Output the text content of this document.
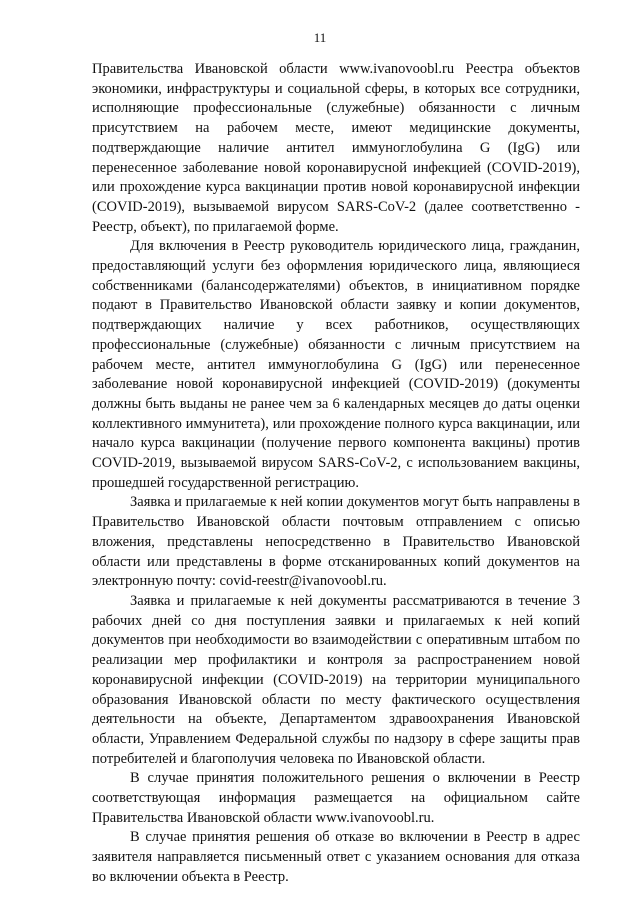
11

Правительства Ивановской области www.ivanovoobl.ru Реестра объектов экономики, инфраструктуры и социальной сферы, в которых все сотрудники, исполняющие профессиональные (служебные) обязанности с личным присутствием на рабочем месте, имеют медицинские документы, подтверждающие наличие антител иммуноглобулина G (IgG) или перенесенное заболевание новой коронавирусной инфекцией (COVID-2019), или прохождение курса вакцинации против новой коронавирусной инфекции (COVID-2019), вызываемой вирусом SARS-CoV-2 (далее соответственно - Реестр, объект), по прилагаемой форме.

Для включения в Реестр руководитель юридического лица, гражданин, предоставляющий услуги без оформления юридического лица, являющиеся собственниками (балансодержателями) объектов, в инициативном порядке подают в Правительство Ивановской области заявку и копии документов, подтверждающих наличие у всех работников, осуществляющих профессиональные (служебные) обязанности с личным присутствием на рабочем месте, антител иммуноглобулина G (IgG) или перенесенное заболевание новой коронавирусной инфекцией (COVID-2019) (документы должны быть выданы не ранее чем за 6 календарных месяцев до даты оценки коллективного иммунитета), или прохождение полного курса вакцинации, или начало курса вакцинации (получение первого компонента вакцины) против COVID-2019, вызываемой вирусом SARS-CoV-2, с использованием вакцины, прошедшей государственной регистрацию.

Заявка и прилагаемые к ней копии документов могут быть направлены в Правительство Ивановской области почтовым отправлением с описью вложения, представлены непосредственно в Правительство Ивановской области или представлены в форме отсканированных копий документов на электронную почту: covid-reestr@ivanovoobl.ru.

Заявка и прилагаемые к ней документы рассматриваются в течение 3 рабочих дней со дня поступления заявки и прилагаемых к ней копий документов при необходимости во взаимодействии с оперативным штабом по реализации мер профилактики и контроля за распространением новой коронавирусной инфекции (COVID-2019) на территории муниципального образования Ивановской области по месту фактического осуществления деятельности на объекте, Департаментом здравоохранения Ивановской области, Управлением Федеральной службы по надзору в сфере защиты прав потребителей и благополучия человека по Ивановской области.

В случае принятия положительного решения о включении в Реестр соответствующая информация размещается на официальном сайте Правительства Ивановской области www.ivanovoobl.ru.

В случае принятия решения об отказе во включении в Реестр в адрес заявителя направляется письменный ответ с указанием основания для отказа во включении объекта в Реестр.
